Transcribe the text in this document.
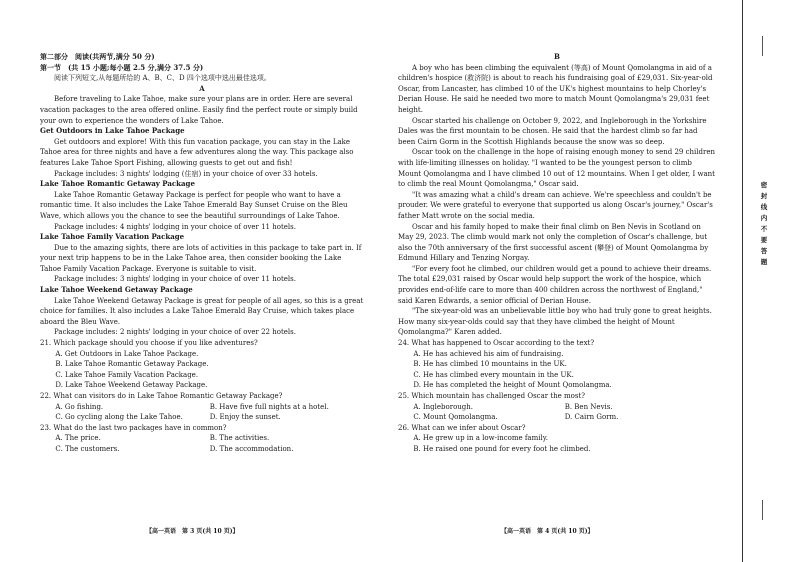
第二部分　阅读(共两节,满分 50 分)

第一节　(共 15 小题;每小题 2.5 分,满分 37.5 分)

阅读下列短文,从每题所给的 A、B、C、D 四个选项中选出最佳选项。

A

Before traveling to Lake Tahoe, make sure your plans are in order. Here are several vacation packages to the area offered online. Easily find the perfect route or simply build your own to experience the wonders of Lake Tahoe.

Get Outdoors in Lake Tahoe Package

Get outdoors and explore! With this fun vacation package, you can stay in the Lake Tahoe area for three nights and have a few adventures along the way. This package also features Lake Tahoe Sport Fishing, allowing guests to get out and fish!

Package includes: 3 nights' lodging (住宿) in your choice of over 33 hotels.

Lake Tahoe Romantic Getaway Package

Lake Tahoe Romantic Getaway Package is perfect for people who want to have a romantic time. It also includes the Lake Tahoe Emerald Bay Sunset Cruise on the Bleu Wave, which allows you the chance to see the beautiful surroundings of Lake Tahoe.

Package includes: 4 nights' lodging in your choice of over 11 hotels.

Lake Tahoe Family Vacation Package

Due to the amazing sights, there are lots of activities in this package to take part in. If your next trip happens to be in the Lake Tahoe area, then consider booking the Lake Tahoe Family Vacation Package. Everyone is suitable to visit.

Package includes: 3 nights' lodging in your choice of over 11 hotels.

Lake Tahoe Weekend Getaway Package

Lake Tahoe Weekend Getaway Package is great for people of all ages, so this is a great choice for families. It also includes a Lake Tahoe Emerald Bay Cruise, which takes place aboard the Bleu Wave.

Package includes: 2 nights' lodging in your choice of over 22 hotels.

21. Which package should you choose if you like adventures?

A. Get Outdoors in Lake Tahoe Package.

B. Lake Tahoe Romantic Getaway Package.

C. Lake Tahoe Family Vacation Package.

D. Lake Tahoe Weekend Getaway Package.

22. What can visitors do in Lake Tahoe Romantic Getaway Package?

A. Go fishing.	B. Have five full nights at a hotel.
C. Go cycling along the Lake Tahoe.	D. Enjoy the sunset.

23. What do the last two packages have in common?

A. The price.	B. The activities.
C. The customers.	D. The accommodation.

B

A boy who has been climbing the equivalent (等高) of Mount Qomolangma in aid of a children's hospice (救济院) is about to reach his fundraising goal of £29,031. Six-year-old Oscar, from Lancaster, has climbed 10 of the UK's highest mountains to help Chorley's Derian House. He said he needed two more to match Mount Qomolangma's 29,031 feet height.

Oscar started his challenge on October 9, 2022, and Ingleborough in the Yorkshire Dales was the first mountain to be chosen. He said that the hardest climb so far had been Cairn Gorm in the Scottish Highlands because the snow was so deep.

Oscar took on the challenge in the hope of raising enough money to send 29 children with life-limiting illnesses on holiday. "I wanted to be the youngest person to climb Mount Qomolangma and I have climbed 10 out of 12 mountains. When I get older, I want to climb the real Mount Qomolangma," Oscar said.

"It was amazing what a child's dream can achieve. We're speechless and couldn't be prouder. We were grateful to everyone that supported us along Oscar's journey," Oscar's father Matt wrote on the social media.

Oscar and his family hoped to make their final climb on Ben Nevis in Scotland on May 29, 2023. The climb would mark not only the completion of Oscar's challenge, but also the 70th anniversary of the first successful ascent (攀登) of Mount Qomolangma by Edmund Hillary and Tenzing Norgay.

"For every foot he climbed, our children would get a pound to achieve their dreams. The total £29,031 raised by Oscar would help support the work of the hospice, which provides end-of-life care to more than 400 children across the northwest of England," said Karen Edwards, a senior official of Derian House.

"The six-year-old was an unbelievable little boy who had truly gone to great heights. How many six-year-olds could say that they have climbed the height of Mount Qomolangma?" Karen added.

24. What has happened to Oscar according to the text?

A. He has achieved his aim of fundraising.

B. He has climbed 10 mountains in the UK.

C. He has climbed every mountain in the UK.

D. He has completed the height of Mount Qomolangma.

25. Which mountain has challenged Oscar the most?

A. Ingleborough.	B. Ben Nevis.
C. Mount Qomolangma.	D. Cairn Gorm.

26. What can we infer about Oscar?

A. He grew up in a low-income family.

B. He raised one pound for every foot he climbed.

【高一英语　第 3 页(共 10 页)】	【高一英语　第 4 页(共 10 页)】
密　封　线　内　不　要　答　题
